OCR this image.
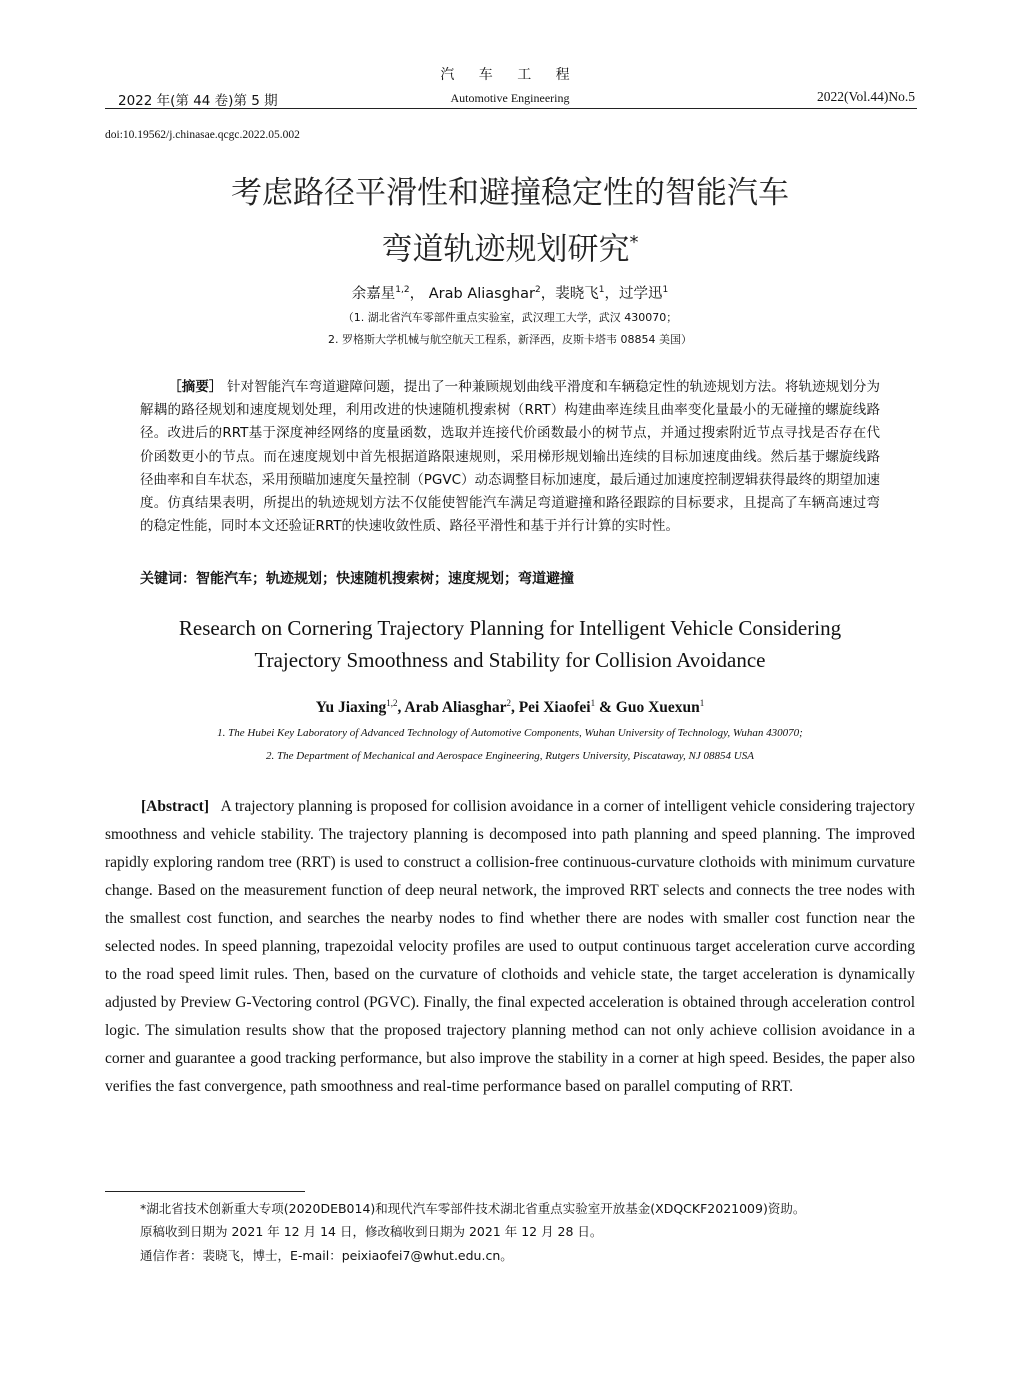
汽 车 工 程
2022 年(第 44 卷)第 5 期	Automotive Engineering	2022(Vol.44)No.5
doi:10.19562/j.chinasae.qcgc.2022.05.002
考虑路径平滑性和避撞稳定性的智能汽车
弯道轨迹规划研究*
余嘉星$^{1,2}$， Arab Aliasghar$^2$，裴晓飞$^1$，过学迅$^1$
（1. 湖北省汽车零部件重点实验室，武汉理工大学，武汉 430070；
2. 罗格斯大学机械与航空航天工程系，新泽西，皮斯卡塔韦 08854 美国）
［摘要］ 针对智能汽车弯道避障问题，提出了一种兼顾规划曲线平滑度和车辆稳定性的轨迹规划方法。将轨迹规划分为解耦的路径规划和速度规划处理，利用改进的快速随机搜索树（RRT）构建曲率连续且曲率变化量最小的无碰撞的螺旋线路径。改进后的RRT基于深度神经网络的度量函数，选取并连接代价函数最小的树节点，并通过搜索附近节点寻找是否存在代价函数更小的节点。而在速度规划中首先根据道路限速规则，采用梯形规划输出连续的目标加速度曲线。然后基于螺旋线路径曲率和自车状态，采用预瞄加速度矢量控制（PGVC）动态调整目标加速度，最后通过加速度控制逻辑获得最终的期望加速度。仿真结果表明，所提出的轨迹规划方法不仅能使智能汽车满足弯道避撞和路径跟踪的目标要求，且提高了车辆高速过弯的稳定性能，同时本文还验证RRT的快速收敛性质、路径平滑性和基于并行计算的实时性。
关键词：智能汽车；轨迹规划；快速随机搜索树；速度规划；弯道避撞
Research on Cornering Trajectory Planning for Intelligent Vehicle Considering
Trajectory Smoothness and Stability for Collision Avoidance
Yu Jiaxing$^{1,2}$, Arab Aliasghar$^2$, Pei Xiaofei$^1$ & Guo Xuexun$^1$
1. The Hubei Key Laboratory of Advanced Technology of Automotive Components, Wuhan University of Technology, Wuhan 430070;
2. The Department of Mechanical and Aerospace Engineering, Rutgers University, Piscataway, NJ 08854 USA
[Abstract] A trajectory planning is proposed for collision avoidance in a corner of intelligent vehicle considering trajectory smoothness and vehicle stability. The trajectory planning is decomposed into path planning and speed planning. The improved rapidly exploring random tree (RRT) is used to construct a collision-free continuous-curvature clothoids with minimum curvature change. Based on the measurement function of deep neural network, the improved RRT selects and connects the tree nodes with the smallest cost function, and searches the nearby nodes to find whether there are nodes with smaller cost function near the selected nodes. In speed planning, trapezoidal velocity profiles are used to output continuous target acceleration curve according to the road speed limit rules. Then, based on the curvature of clothoids and vehicle state, the target acceleration is dynamically adjusted by Preview G-Vectoring control (PGVC). Finally, the final expected acceleration is obtained through acceleration control logic. The simulation results show that the proposed trajectory planning method can not only achieve collision avoidance in a corner and guarantee a good tracking performance, but also improve the stability in a corner at high speed. Besides, the paper also verifies the fast convergence, path smoothness and real-time performance based on parallel computing of RRT.
*湖北省技术创新重大专项(2020DEB014)和现代汽车零部件技术湖北省重点实验室开放基金(XDQCKF2021009)资助。
原稿收到日期为 2021 年 12 月 14 日，修改稿收到日期为 2021 年 12 月 28 日。
通信作者：裴晓飞，博士，E-mail：peixiaofei7@whut.edu.cn。
